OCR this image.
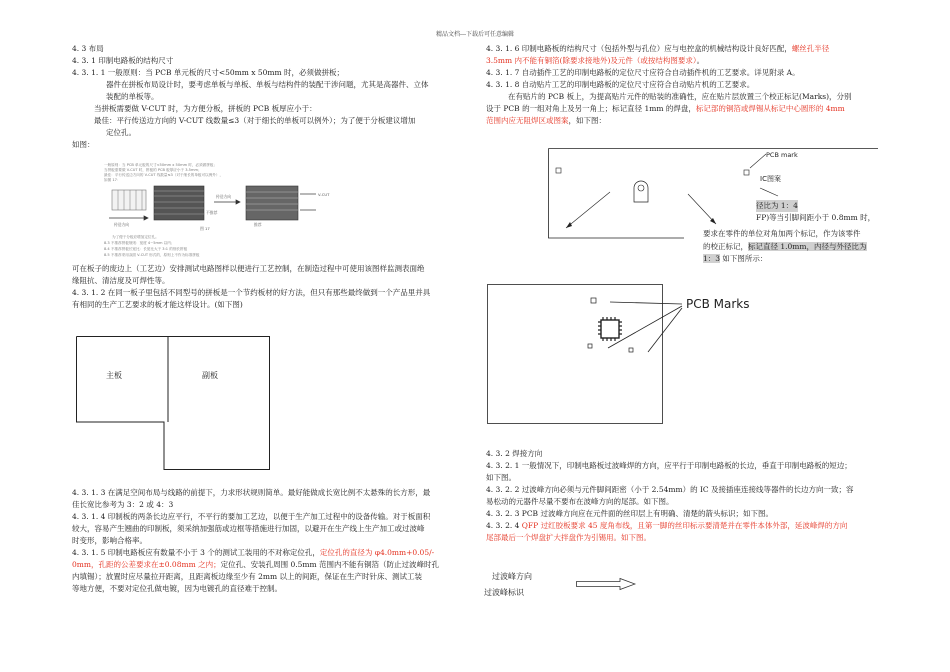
精品文档---下载后可任意编辑

4. 3 布局

4. 3. 1 印制电路板的结构尺寸

4. 3. 1. 1 一般原则：当 PCB 单元板的尺寸<50mm x 50mm 时，必须做拼板；

器件在拼板布局设计时，要考虑单板与单板、单板与结构件的装配干涉问题，尤其是高器件、立体

装配的单板等。

当拼板需要做 V-CUT 时，为方便分板，拼板的 PCB 板厚应小于：

最佳：平行传送边方向的 V-CUT 线数量≤3（对于细长的单板可以例外）；为了便于分板建议增加

定位孔。

如图：

一般原则：当 PCB 单元板的尺寸<50mm x 50mm 时，必须做拼板；
当拼板需要做 V-CUT 时，拼板的 PCB 板厚应小于 3.5mm；
最佳：平行传送边方向的 V-CUT 线数量≤3（对于细长的单板可以例外），
如图 17：
传送方向
传送方向	V-CUT
不推荐
推荐
图 17
为了便于分板应增加定位孔。
8.3 不推荐拼板规则：宽度 4~5mm 以内；
8.4 不推荐拼板长宽比：长宽比大于 3:1 的细长拼板
8.5 不推荐采用双面 V-CUT 形式的，原则上不作为标准拼板

可在板子的废边上（工艺边）安排测试电路图样以便进行工艺控制，在制造过程中可使用该图样监测表面绝

缘阻抗、清洁度及可焊性等。

4. 3. 1. 2 在同一板子里包括不同型号的拼板是一个节约板材的好方法，但只有那些最终做到一个产品里并具

有相同的生产工艺要求的板才能这样设计。(如下图)

主板	副板

4. 3. 1. 3 在满足空间布局与线路的前提下，力求形状规则简单。最好能做成长宽比例不太悬殊的长方形，最

佳长宽比参考为 3：2 或 4：3

4. 3. 1. 4 印制板的两条长边应平行，不平行的要加工艺边，以便于生产加工过程中的设备传输。对于板面积

较大，容易产生翘曲的印制板，须采纳加强筋或边框等措施进行加固，以避开在生产线上生产加工或过波峰

时变形，影响合格率。

4. 3. 1. 5 印制电路板应有数量不小于 3 个的测试工装用的不对称定位孔，定位孔的直径为 φ4.0mm+0.05/-

0mm，孔距的公差要求在±0.08mm 之内；定位孔、安装孔周围 0.5mm 范围内不能有铜箔（防止过波峰时孔

内填锡）；放置时应尽量拉开距离，且距离板边缘至少有 2mm 以上的间距，保证在生产时针床、测试工装

等地方便，不要对定位孔做电镀，因为电镀孔的直径难于控制。

4. 3. 1. 6 印制电路板的结构尺寸（包括外型与孔位）应与电控盒的机械结构设计良好匹配，螺丝孔半径

3.5mm 内不能有铜箔(除要求接地外)及元件（或按结构图要求）。

4. 3. 1. 7 自动插件工艺的印制电路板的定位尺寸应符合自动插件机的工艺要求。详见附录 A。

4. 3. 1. 8 自动贴片工艺的印制电路板的定位尺寸应符合自动贴片机的工艺要求。

在有贴片的 PCB 板上，为提高贴片元件的贴装的准确性，应在贴片层放置三个校正标记(Marks)，分别

设于 PCB 的一组对角上及另一角上；标记直径 1mm 的焊盘，标记部的铜箔或焊锡从标记中心圆形的 4mm

范围内应无阻焊区或图案，如下图：

PCB mark
IC图案

径比为 1：4

FP)等当引脚间距小于 0.8mm 时，

要求在零件的单位对角加两个标记，作为该零件

的校正标记，标记直径 1.0mm，内径与外径比为

1：3 如下图所示：

PCB Marks

4. 3. 2 焊接方向

4. 3. 2. 1 一般情况下，印制电路板过波峰焊的方向，应平行于印制电路板的长边，垂直于印制电路板的短边；

如下图。

4. 3. 2. 2 过波峰方向必须与元件脚间距密（小于 2.54mm）的 IC 及接插座连接线等器件的长边方向一致；容

易松动的元器件尽量不要布在波峰方向的尾部。如下图。

4. 3. 2. 3 PCB 过波峰方向应在元件面的丝印层上有明确、清楚的箭头标识；如下图。

4. 3. 2. 4 QFP 过红胶板要求 45 度角布线，且第一脚的丝印标示要清楚并在零件本体外部，延波峰焊的方向

尾部最后一个焊盘扩大拌盘作为引锡用。如下图。

过波峰方向
过波峰标识
